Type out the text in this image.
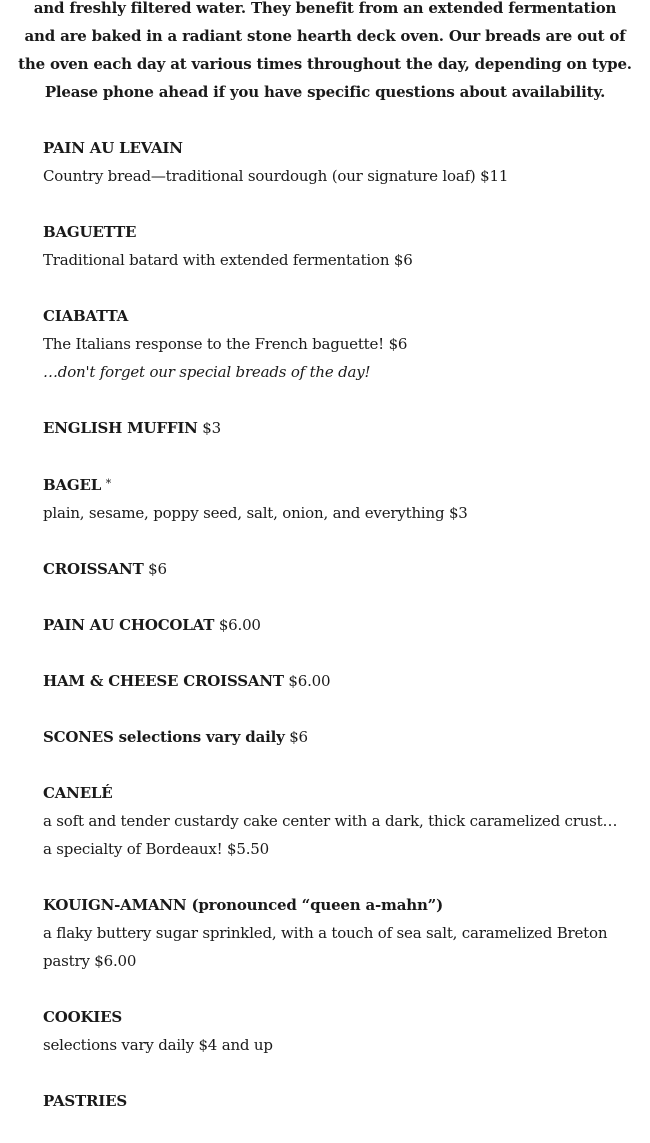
and freshly filtered water. They benefit from an extended fermentation
and are baked in a radiant stone hearth deck oven. Our breads are out of
the oven each day at various times throughout the day, depending on type.
Please phone ahead if you have specific questions about availability.
PAIN AU LEVAIN
Country bread—traditional sourdough (our signature loaf) $11
BAGUETTE
Traditional batard with extended fermentation $6
CIABATTA
The Italians response to the French baguette! $6
…don't forget our special breads of the day!
ENGLISH MUFFIN $3
BAGEL *
plain, sesame, poppy seed, salt, onion, and everything $3
CROISSANT $6
PAIN AU CHOCOLAT $6.00
HAM & CHEESE CROISSANT $6.00
SCONES selections vary daily $6
CANELÉ
a soft and tender custardy cake center with a dark, thick caramelized crust…
a specialty of Bordeaux! $5.50
KOUIGN-AMANN (pronounced “queen a-mahn”)
a flaky buttery sugar sprinkled, with a touch of sea salt, caramelized Breton
pastry $6.00
COOKIES
selections vary daily $4 and up
PASTRIES
